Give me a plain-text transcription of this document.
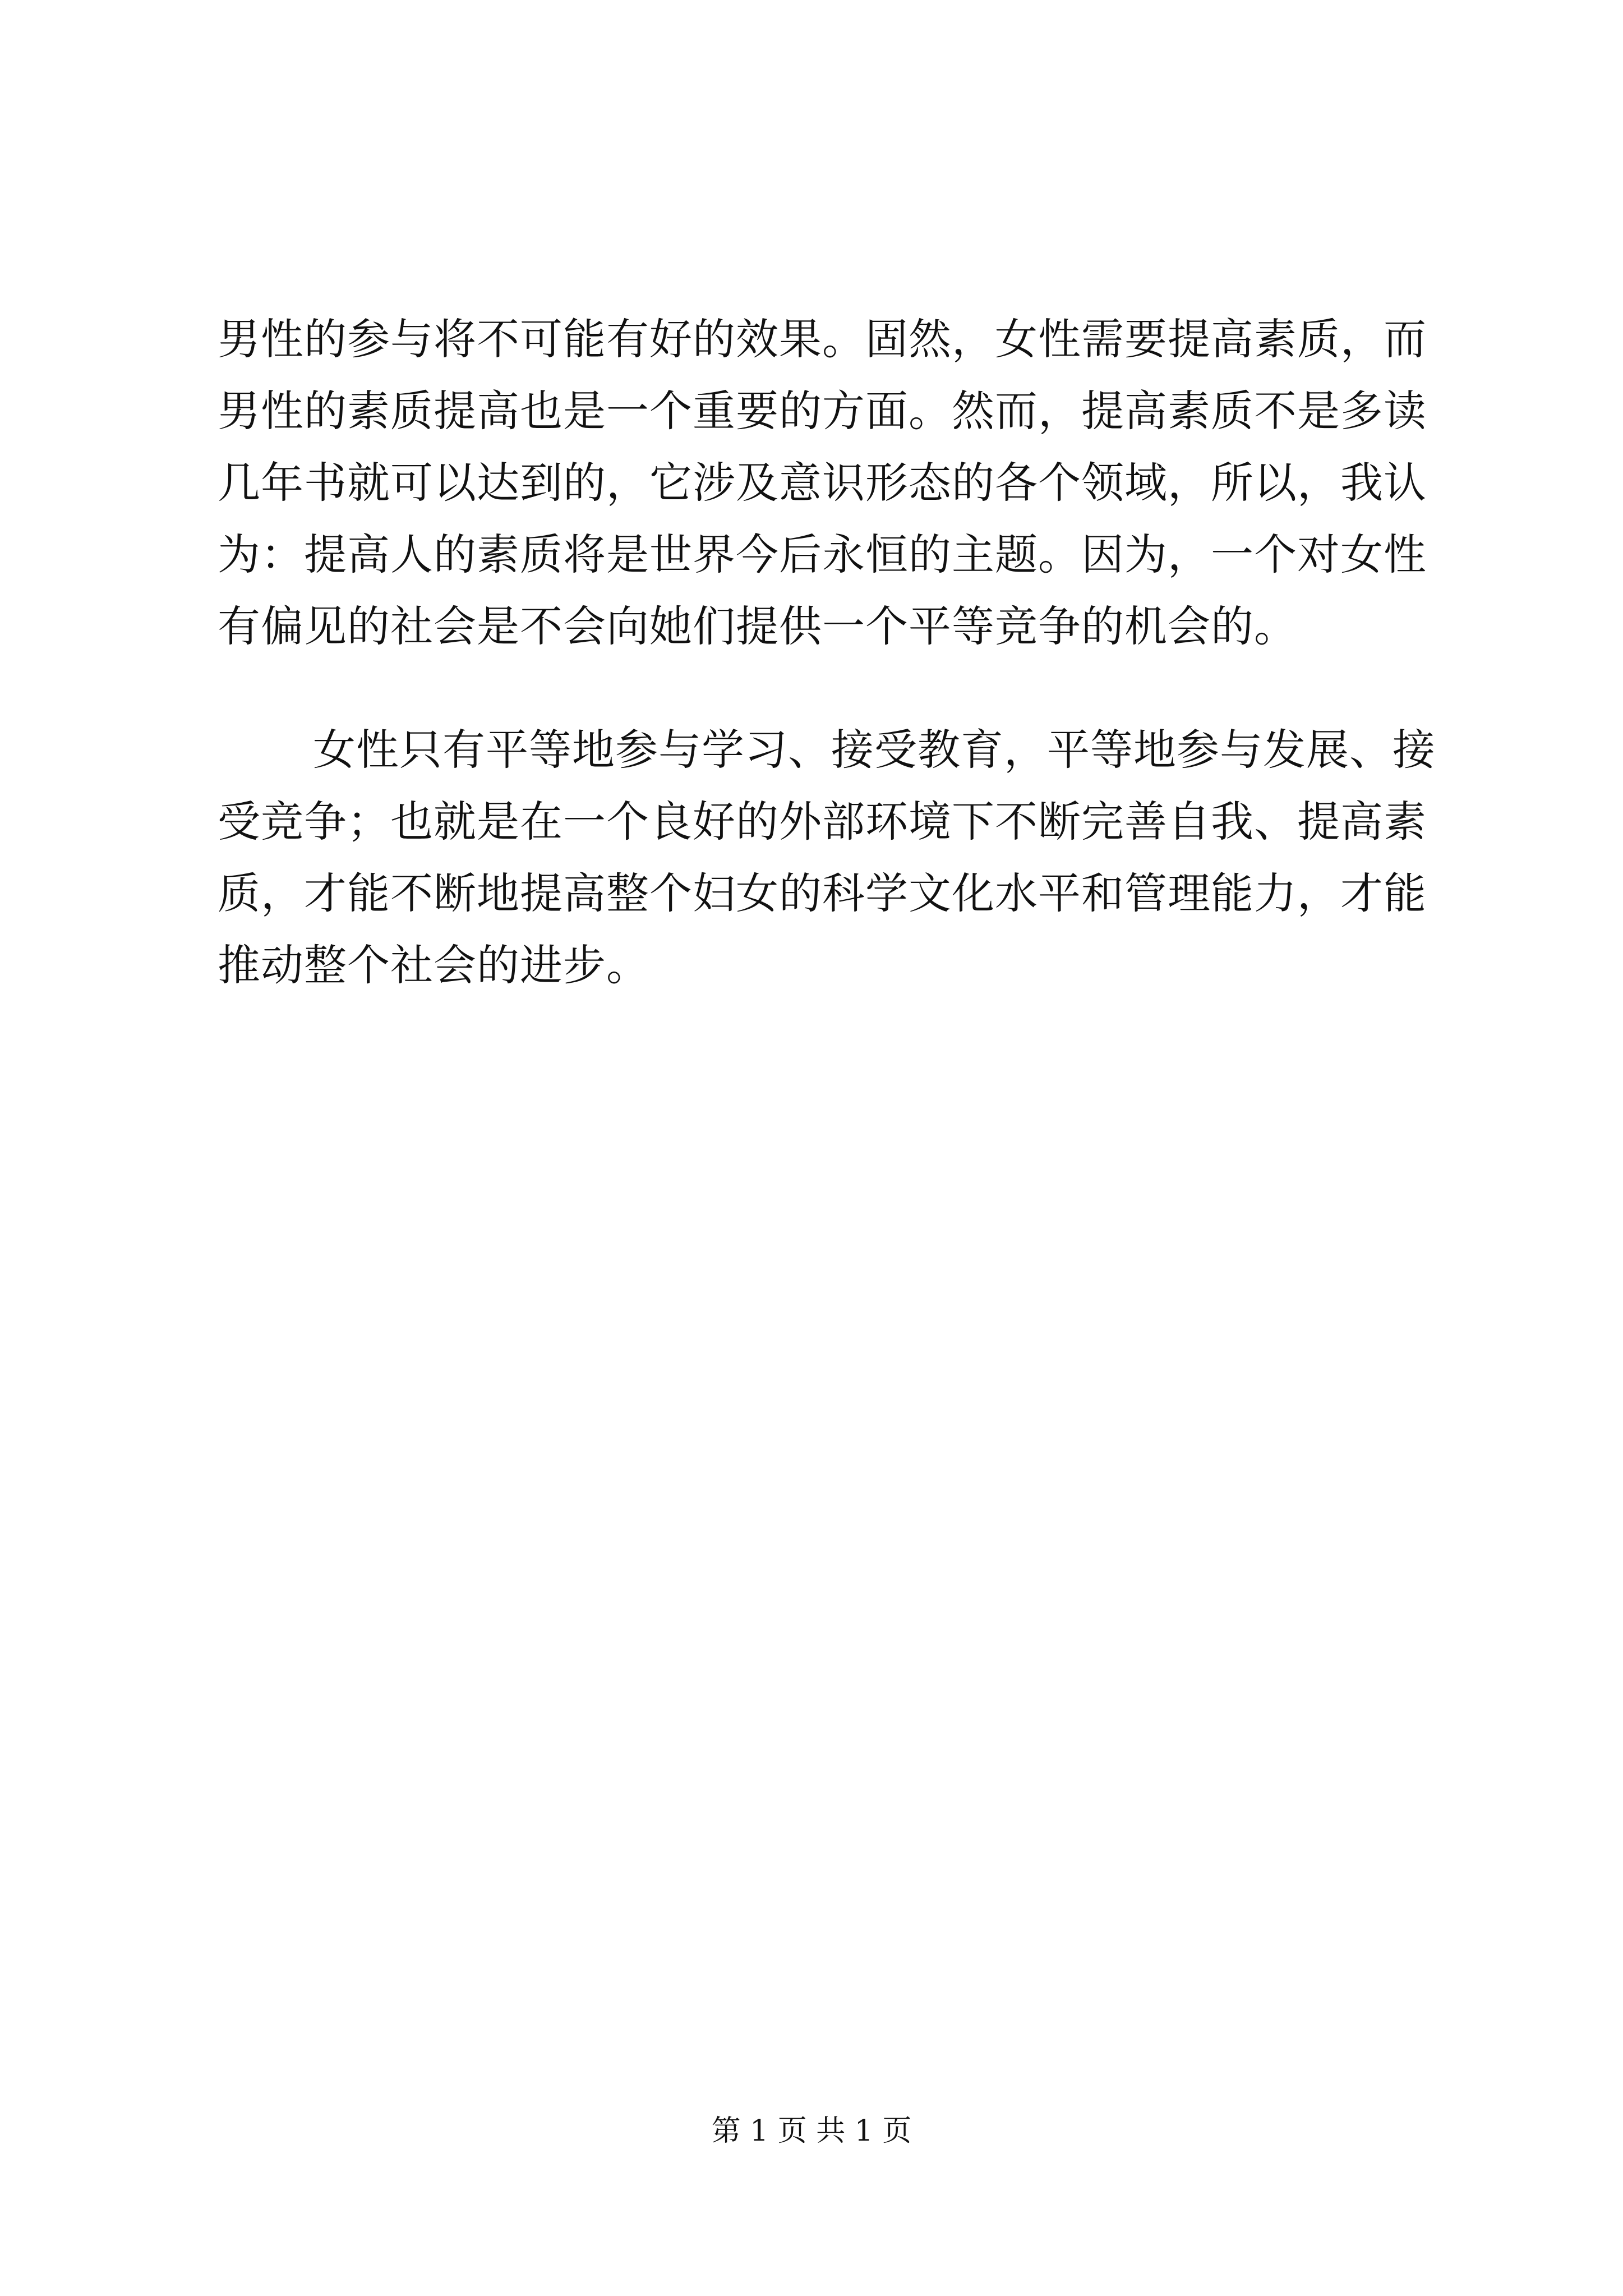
男性的参与将不可能有好的效果。固然，女性需要提高素质，而
男性的素质提高也是一个重要的方面。然而，提高素质不是多读
几年书就可以达到的，它涉及意识形态的各个领域，所以，我认
为：提高人的素质将是世界今后永恒的主题。因为，一个对女性
有偏见的社会是不会向她们提供一个平等竞争的机会的。
女性只有平等地参与学习、接受教育，平等地参与发展、接
受竞争；也就是在一个良好的外部环境下不断完善自我、提高素
质，才能不断地提高整个妇女的科学文化水平和管理能力，才能
推动整个社会的进步。
第 1 页 共 1 页
